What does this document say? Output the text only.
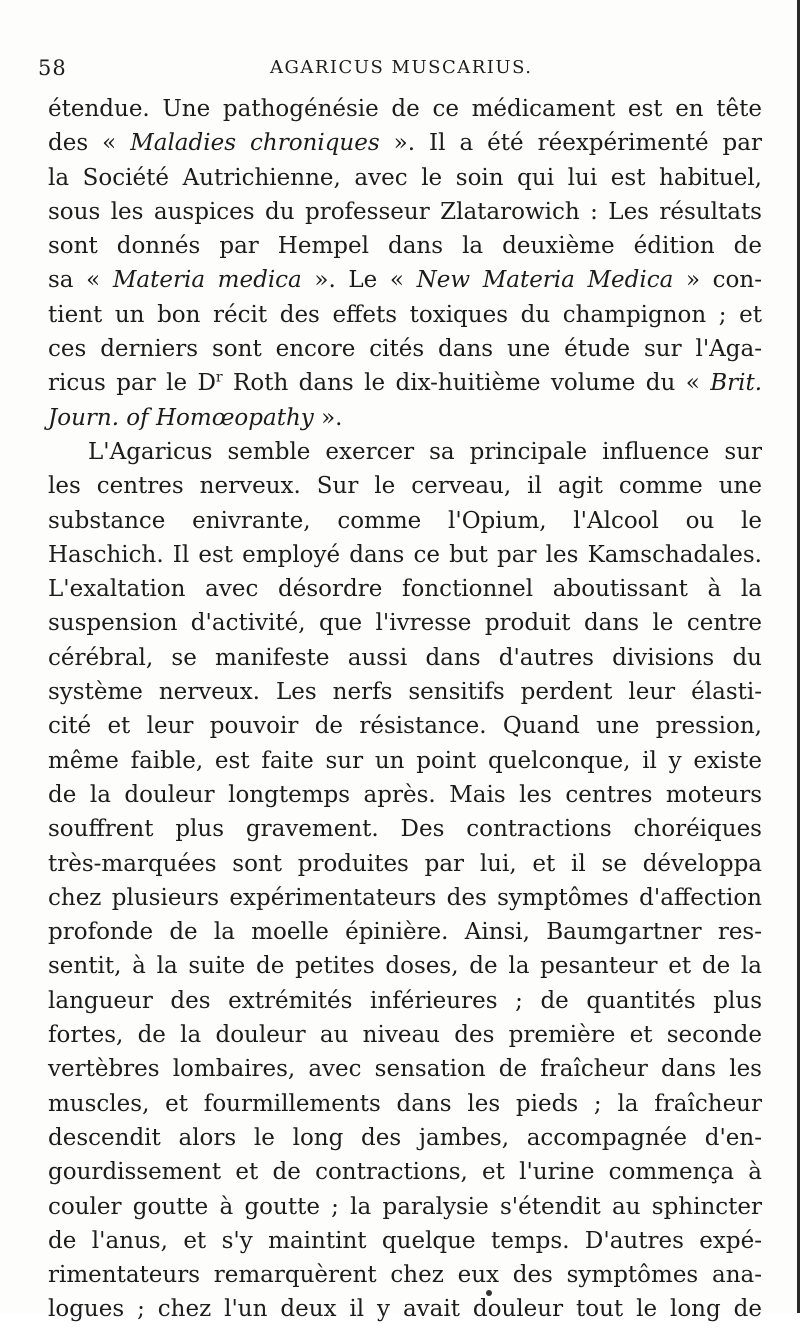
58	AGARICUS MUSCARIUS.
étendue. Une pathogénésie de ce médicament est en tête
des « Maladies chroniques ». Il a été réexpérimenté par
la Société Autrichienne, avec le soin qui lui est habituel,
sous les auspices du professeur Zlatarowich : Les résultats
sont donnés par Hempel dans la deuxième édition de
sa « Materia medica ». Le « New Materia Medica » con-
tient un bon récit des effets toxiques du champignon ; et
ces derniers sont encore cités dans une étude sur l'Aga-
ricus par le $D^r$ Roth dans le dix-huitième volume du « Brit.
Journ. of Homœopathy ».
L'Agaricus semble exercer sa principale influence sur
les centres nerveux. Sur le cerveau, il agit comme une
substance enivrante, comme l'Opium, l'Alcool ou le
Haschich. Il est employé dans ce but par les Kamschadales.
L'exaltation avec désordre fonctionnel aboutissant à la
suspension d'activité, que l'ivresse produit dans le centre
cérébral, se manifeste aussi dans d'autres divisions du
système nerveux. Les nerfs sensitifs perdent leur élasti-
cité et leur pouvoir de résistance. Quand une pression,
même faible, est faite sur un point quelconque, il y existe
de la douleur longtemps après. Mais les centres moteurs
souffrent plus gravement. Des contractions choréiques
très-marquées sont produites par lui, et il se développa
chez plusieurs expérimentateurs des symptômes d'affection
profonde de la moelle épinière. Ainsi, Baumgartner res-
sentit, à la suite de petites doses, de la pesanteur et de la
langueur des extrémités inférieures ; de quantités plus
fortes, de la douleur au niveau des première et seconde
vertèbres lombaires, avec sensation de fraîcheur dans les
muscles, et fourmillements dans les pieds ; la fraîcheur
descendit alors le long des jambes, accompagnée d'en-
gourdissement et de contractions, et l'urine commença à
couler goutte à goutte ; la paralysie s'étendit au sphincter
de l'anus, et s'y maintint quelque temps. D'autres expé-
rimentateurs remarquèrent chez eux des symptômes ana-
logues ; chez l'un deux il y avait douleur tout le long de
